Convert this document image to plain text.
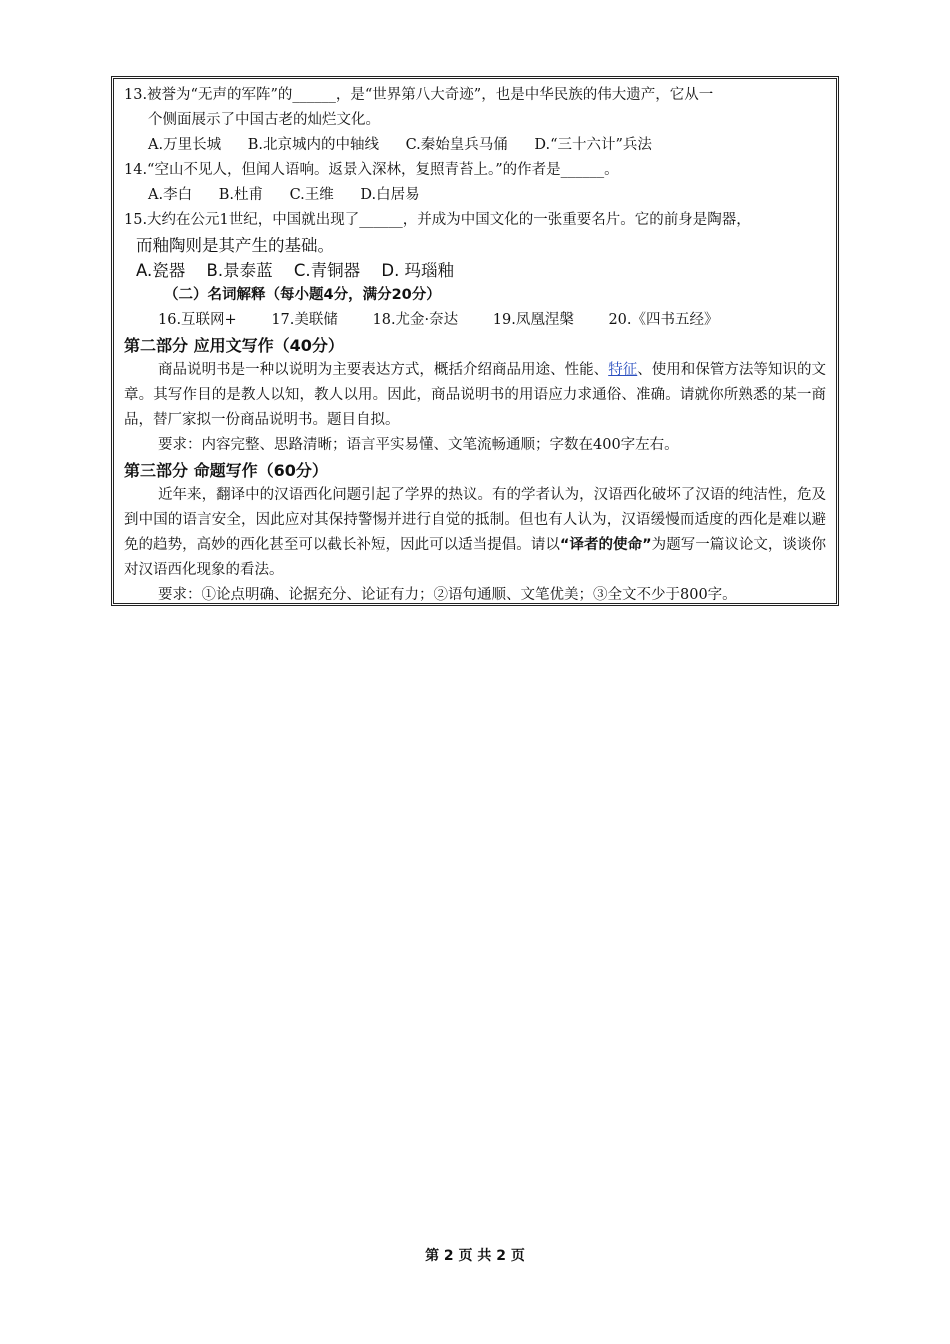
13.被誉为“无声的军阵”的______，是“世界第八大奇迹”，也是中华民族的伟大遗产，它从一
个侧面展示了中国古老的灿烂文化。
A.万里长城 B.北京城内的中轴线 C.秦始皇兵马俑 D.“三十六计”兵法
14.“空山不见人，但闻人语响。返景入深林，复照青苔上。”的作者是______。
A.李白 B.杜甫 C.王维 D.白居易
15.大约在公元1世纪，中国就出现了______，并成为中国文化的一张重要名片。它的前身是陶器，
而釉陶则是其产生的基础。
A.瓷器 B.景泰蓝 C.青铜器 D. 玛瑙釉
（二）名词解释（每小题4分，满分20分）
16.互联网+ 17.美联储 18.尤金·奈达 19.凤凰涅槃 20.《四书五经》
第二部分 应用文写作（40分）
商品说明书是一种以说明为主要表达方式，概括介绍商品用途、性能、特征、使用和保管方法等知识的文章。其写作目的是教人以知，教人以用。因此，商品说明书的用语应力求通俗、准确。请就你所熟悉的某一商品，替厂家拟一份商品说明书。题目自拟。
要求：内容完整、思路清晰；语言平实易懂、文笔流畅通顺；字数在400字左右。
第三部分 命题写作（60分）
近年来，翻译中的汉语西化问题引起了学界的热议。有的学者认为，汉语西化破坏了汉语的纯洁性，危及到中国的语言安全，因此应对其保持警惕并进行自觉的抵制。但也有人认为，汉语缓慢而适度的西化是难以避免的趋势，高妙的西化甚至可以截长补短，因此可以适当提倡。请以“译者的使命”为题写一篇议论文，谈谈你对汉语西化现象的看法。
要求：①论点明确、论据充分、论证有力；②语句通顺、文笔优美；③全文不少于800字。
第 2 页 共 2 页
